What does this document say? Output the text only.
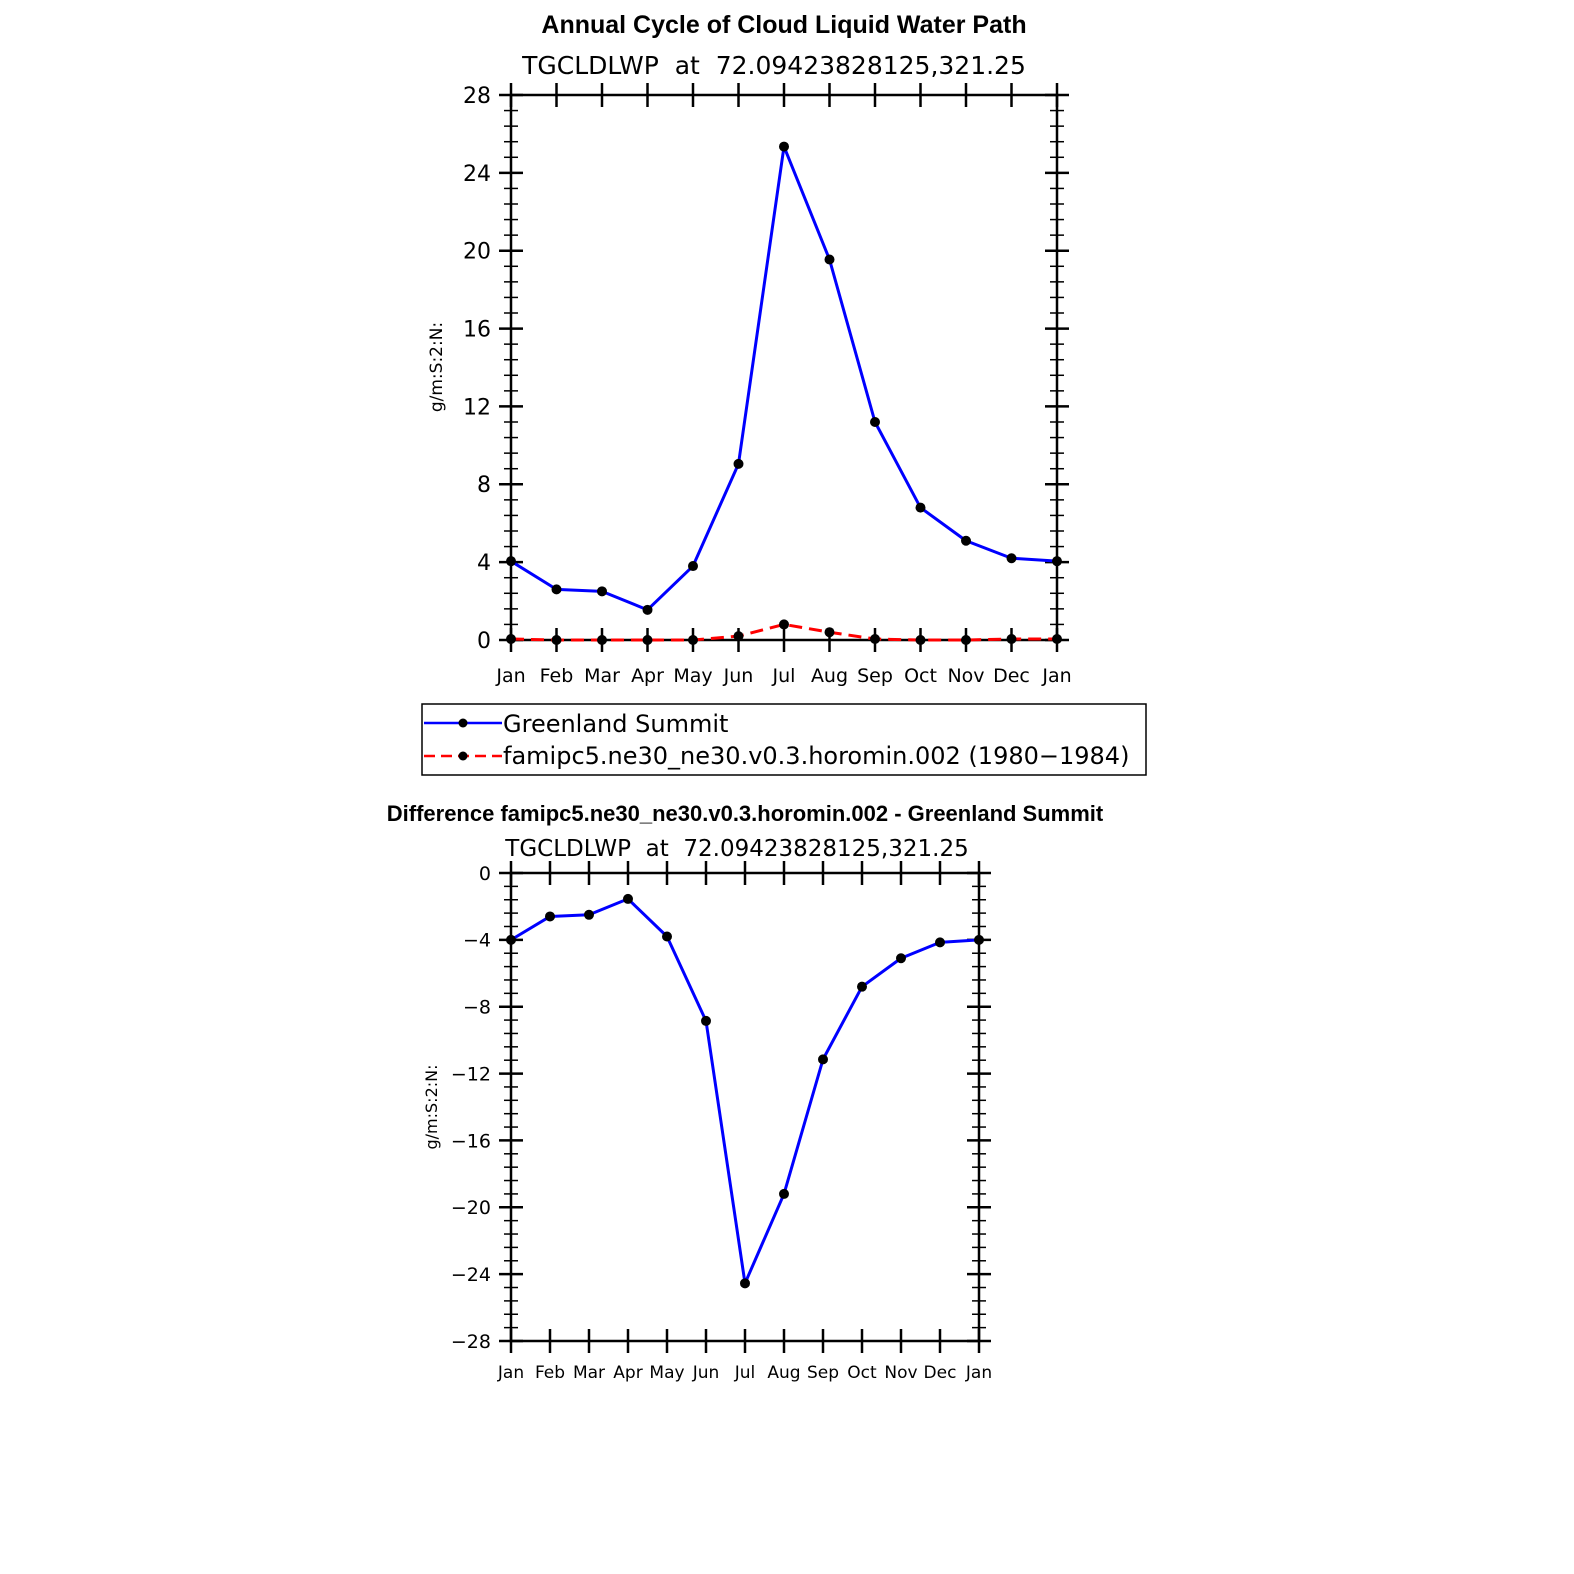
Annual Cycle of Cloud Liquid Water Path
TGCLDLWP  at  72.09423828125,321.25
g/m:S:2:N:
Jan Feb Mar Apr May Jun Jul Aug Sep Oct Nov Dec Jan
0
4
8
12
16
20
24
28
Greenland Summit
famipc5.ne30_ne30.v0.3.horomin.002 (1980−1984)
Difference famipc5.ne30_ne30.v0.3.horomin.002 - Greenland Summit
TGCLDLWP  at  72.09423828125,321.25
g/m:S:2:N:
Jan Feb Mar Apr May Jun Jul Aug Sep Oct Nov Dec Jan
0
−4
−8
−12
−16
−20
−24
−28
